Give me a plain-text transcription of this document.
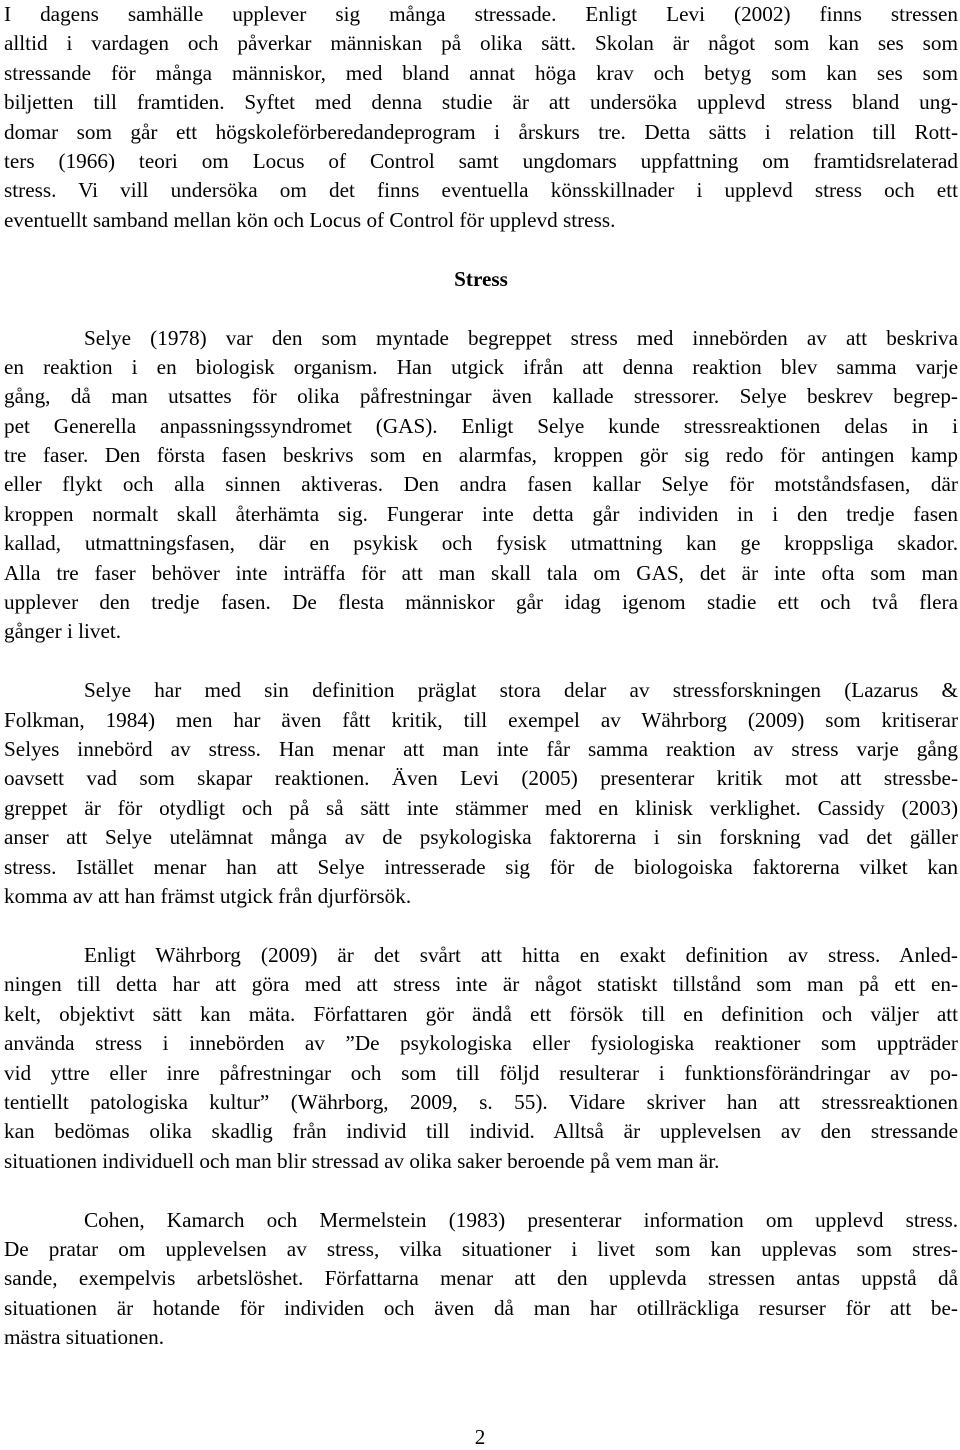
I dagens samhälle upplever sig många stressade. Enligt Levi (2002) finns stressen
alltid i vardagen och påverkar människan på olika sätt. Skolan är något som kan ses som
stressande för många människor, med bland annat höga krav och betyg som kan ses som
biljetten till framtiden. Syftet med denna studie är att undersöka upplevd stress bland ung-
domar som går ett högskoleförberedandeprogram i årskurs tre. Detta sätts i relation till Rott-
ters (1966) teori om Locus of Control samt ungdomars uppfattning om framtidsrelaterad
stress. Vi vill undersöka om det finns eventuella könsskillnader i upplevd stress och ett
eventuellt samband mellan kön och Locus of Control för upplevd stress.
Stress
Selye (1978) var den som myntade begreppet stress med innebörden av att beskriva
en reaktion i en biologisk organism. Han utgick ifrån att denna reaktion blev samma varje
gång, då man utsattes för olika påfrestningar även kallade stressorer. Selye beskrev begrep-
pet Generella anpassningssyndromet (GAS). Enligt Selye kunde stressreaktionen delas in i
tre faser. Den första fasen beskrivs som en alarmfas, kroppen gör sig redo för antingen kamp
eller flykt och alla sinnen aktiveras. Den andra fasen kallar Selye för motståndsfasen, där
kroppen normalt skall återhämta sig. Fungerar inte detta går individen in i den tredje fasen
kallad, utmattningsfasen, där en psykisk och fysisk utmattning kan ge kroppsliga skador.
Alla tre faser behöver inte inträffa för att man skall tala om GAS, det är inte ofta som man
upplever den tredje fasen. De flesta människor går idag igenom stadie ett och två flera
gånger i livet.
Selye har med sin definition präglat stora delar av stressforskningen (Lazarus &
Folkman, 1984) men har även fått kritik, till exempel av Währborg (2009) som kritiserar
Selyes innebörd av stress. Han menar att man inte får samma reaktion av stress varje gång
oavsett vad som skapar reaktionen. Även Levi (2005) presenterar kritik mot att stressbe-
greppet är för otydligt och på så sätt inte stämmer med en klinisk verklighet. Cassidy (2003)
anser att Selye utelämnat många av de psykologiska faktorerna i sin forskning vad det gäller
stress. Istället menar han att Selye intresserade sig för de biologoiska faktorerna vilket kan
komma av att han främst utgick från djurförsök.
Enligt Währborg (2009) är det svårt att hitta en exakt definition av stress. Anled-
ningen till detta har att göra med att stress inte är något statiskt tillstånd som man på ett en-
kelt, objektivt sätt kan mäta. Författaren gör ändå ett försök till en definition och väljer att
använda stress i innebörden av ”De psykologiska eller fysiologiska reaktioner som uppträder
vid yttre eller inre påfrestningar och som till följd resulterar i funktionsförändringar av po-
tentiellt patologiska kultur” (Währborg, 2009, s. 55). Vidare skriver han att stressreaktionen
kan bedömas olika skadlig från individ till individ. Alltså är upplevelsen av den stressande
situationen individuell och man blir stressad av olika saker beroende på vem man är.
Cohen, Kamarch och Mermelstein (1983) presenterar information om upplevd stress.
De pratar om upplevelsen av stress, vilka situationer i livet som kan upplevas som stres-
sande, exempelvis arbetslöshet. Författarna menar att den upplevda stressen antas uppstå då
situationen är hotande för individen och även då man har otillräckliga resurser för att be-
mästra situationen.
2
